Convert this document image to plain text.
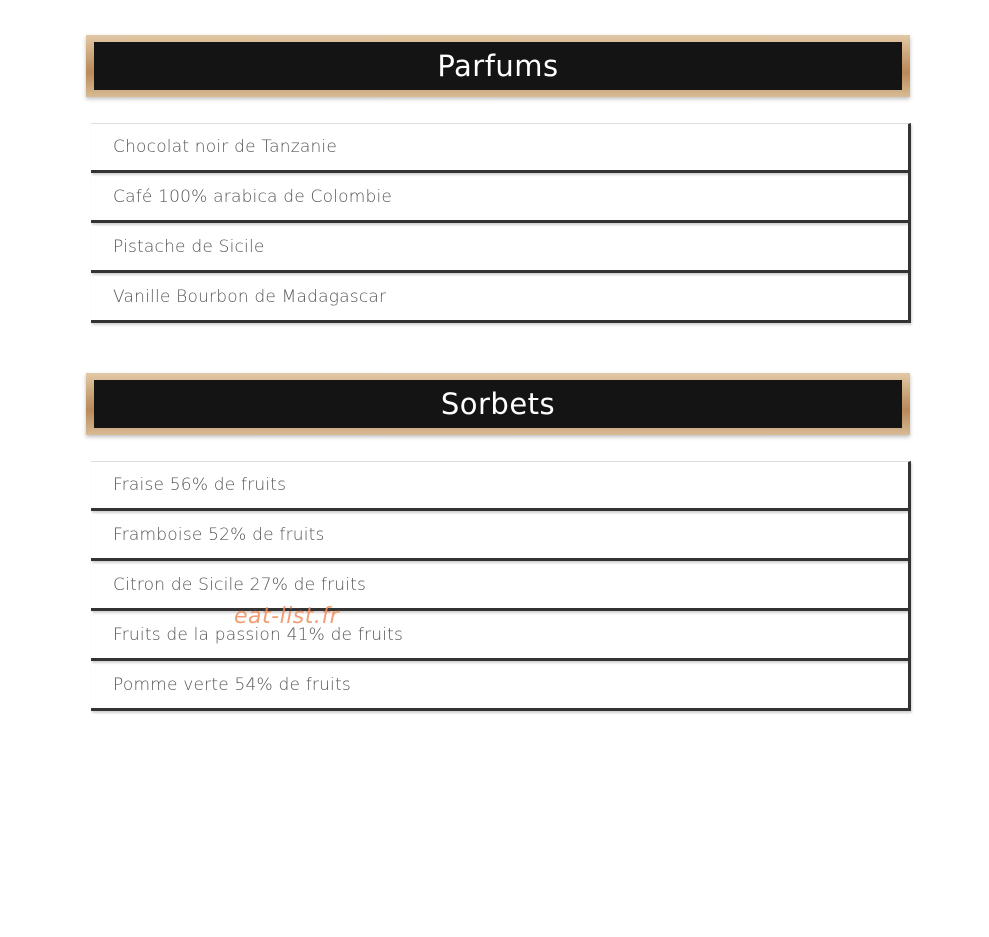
Parfums
Chocolat noir de Tanzanie
Café 100% arabica de Colombie
Pistache de Sicile
Vanille Bourbon de Madagascar
Sorbets
Fraise 56% de fruits
Framboise 52% de fruits
Citron de Sicile 27% de fruits
Fruits de la passion 41% de fruits
Pomme verte 54% de fruits
eat-list.fr
